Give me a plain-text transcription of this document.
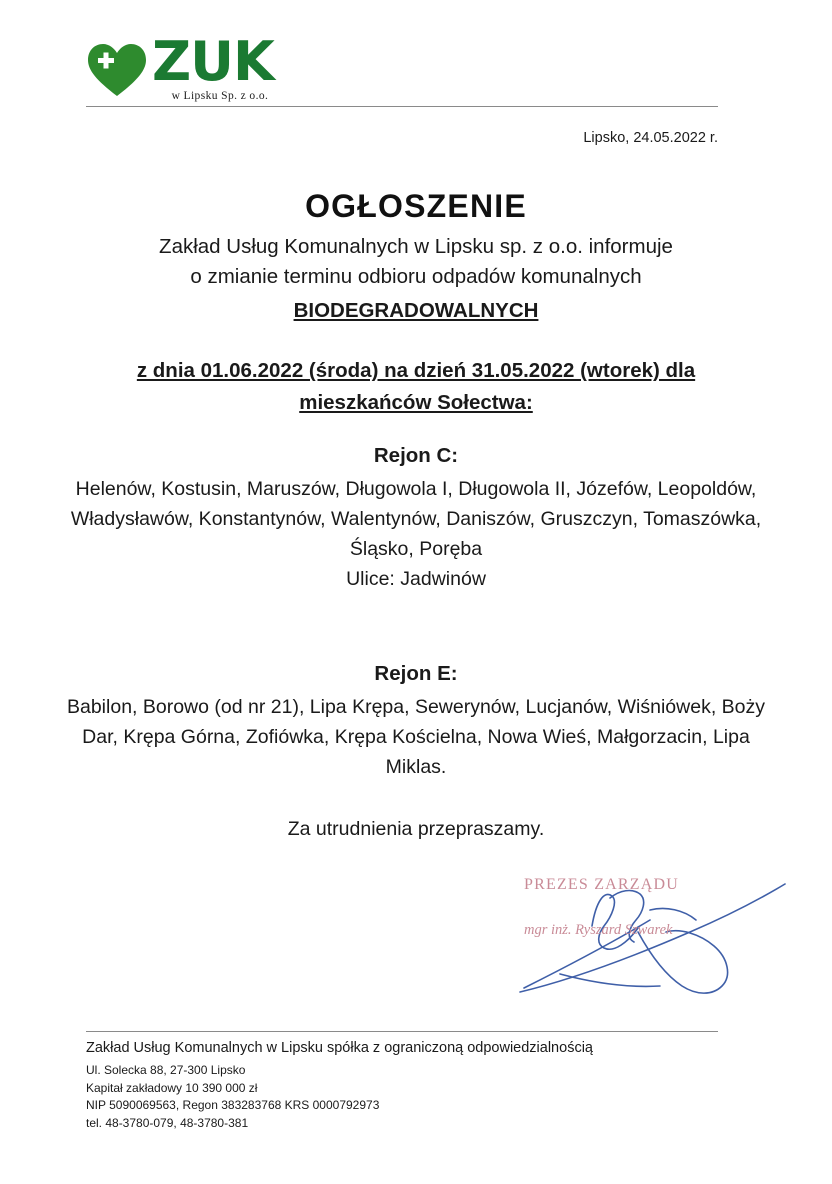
ZUK
w Lipsku Sp. z o.o.
Lipsko, 24.05.2022 r.
OGŁOSZENIE
Zakład Usług Komunalnych w Lipsku sp. z o.o. informuje
o zmianie terminu odbioru odpadów komunalnych
BIODEGRADOWALNYCH
z dnia 01.06.2022 (środa) na dzień 31.05.2022 (wtorek) dla
mieszkańców Sołectwa:
Rejon C:
Helenów, Kostusin, Maruszów, Długowola I, Długowola II, Józefów, Leopoldów, Władysławów, Konstantynów, Walentynów, Daniszów, Gruszczyn, Tomaszówka, Śląsko, Poręba
Ulice: Jadwinów
Rejon E:
Babilon, Borowo (od nr 21), Lipa Krępa, Sewerynów, Lucjanów, Wiśniówek, Boży Dar, Krępa Górna, Zofiówka, Krępa Kościelna, Nowa Wieś, Małgorzacin, Lipa Miklas.
Za utrudnienia przepraszamy.
PREZES ZARZĄDU
mgr inż. Ryszard Szwarek
Zakład Usług Komunalnych w Lipsku spółka z ograniczoną odpowiedzialnością
Ul. Solecka 88, 27-300 Lipsko
Kapitał zakładowy 10 390 000 zł
NIP 5090069563, Regon 383283768 KRS 0000792973
tel. 48-3780-079, 48-3780-381
